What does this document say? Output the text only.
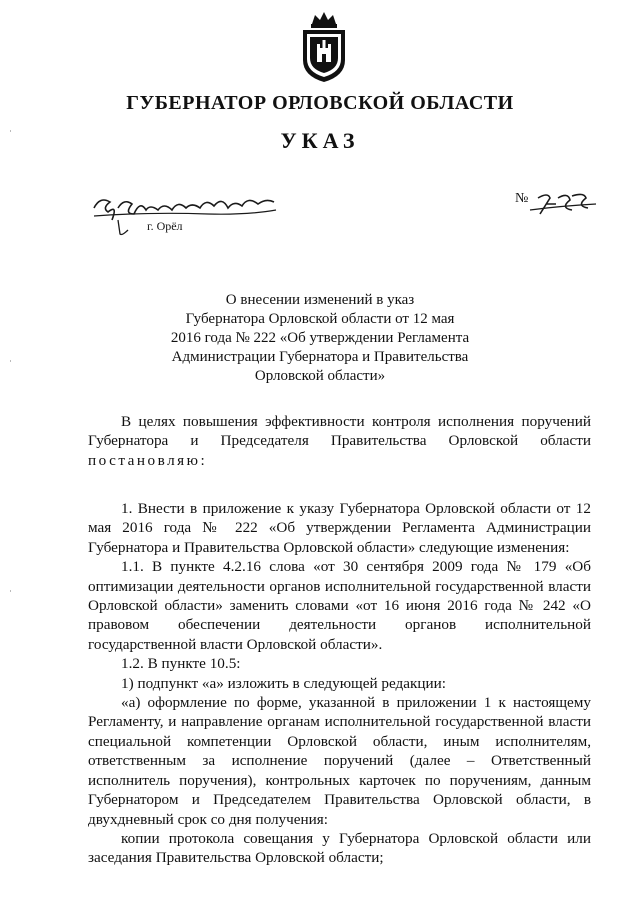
ГУБЕРНАТОР ОРЛОВСКОЙ ОБЛАСТИ
УКАЗ
г. Орёл
№
О внесении изменений в указ
Губернатора Орловской области от 12 мая
2016 года № 222 «Об утверждении Регламента
Администрации Губернатора и Правительства
Орловской области»

В целях повышения эффективности контроля исполнения поручений Губернатора и Председателя Правительства Орловской области

постановляю:

1. Внести в приложение к указу Губернатора Орловской области от 12 мая 2016 года № 222 «Об утверждении Регламента Администрации Губернатора и Правительства Орловской области» следующие изменения:

1.1. В пункте 4.2.16 слова «от 30 сентября 2009 года № 179 «Об оптимизации деятельности органов исполнительной государственной власти Орловской области» заменить словами «от 16 июня 2016 года № 242 «О правовом обеспечении деятельности органов исполнительной государственной власти Орловской области».

1.2. В пункте 10.5:

1) подпункт «а» изложить в следующей редакции:

«а) оформление по форме, указанной в приложении 1 к настоящему Регламенту, и направление органам исполнительной государственной власти специальной компетенции Орловской области, иным исполнителям, ответственным за исполнение поручений (далее – Ответственный исполнитель поручения), контрольных карточек по поручениям, данным Губернатором и Председателем Правительства Орловской области, в двухдневный срок со дня получения:

копии протокола совещания у Губернатора Орловской области или заседания Правительства Орловской области;
